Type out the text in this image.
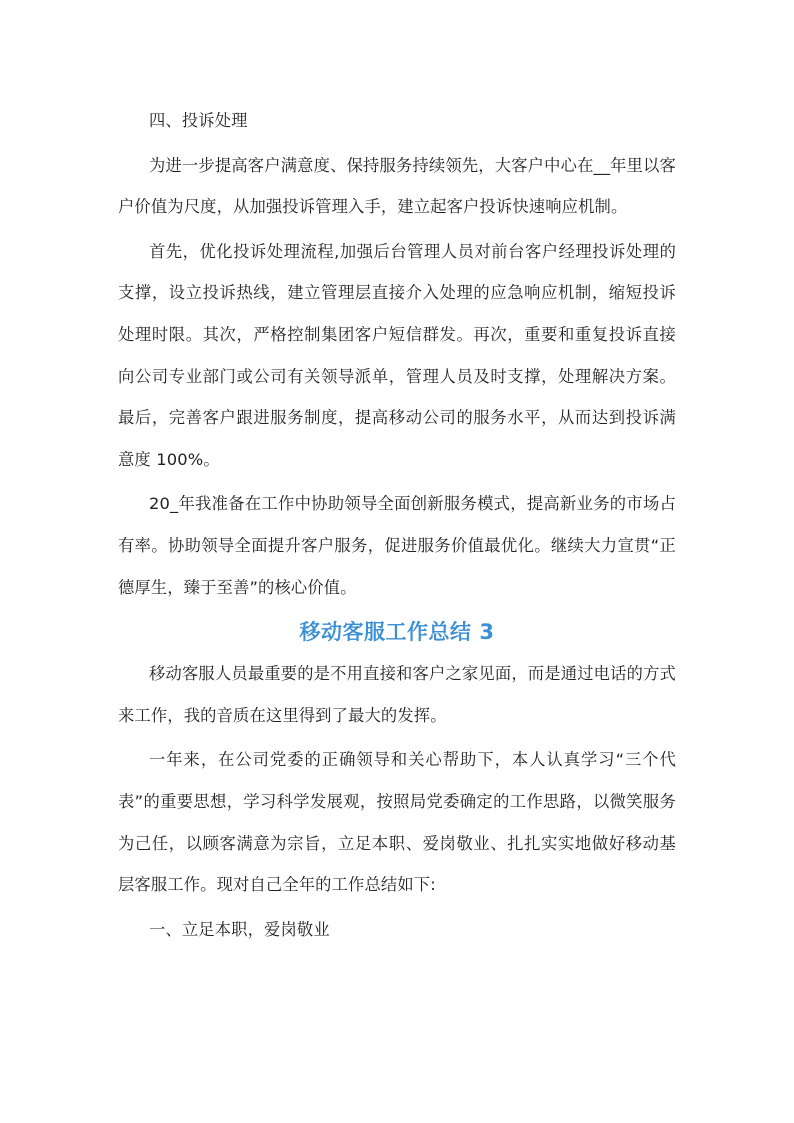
四、投诉处理

为进一步提高客户满意度、保持服务持续领先，大客户中心在__年里以客户价值为尺度，从加强投诉管理入手，建立起客户投诉快速响应机制。

首先，优化投诉处理流程,加强后台管理人员对前台客户经理投诉处理的支撑，设立投诉热线，建立管理层直接介入处理的应急响应机制，缩短投诉处理时限。其次，严格控制集团客户短信群发。再次，重要和重复投诉直接向公司专业部门或公司有关领导派单，管理人员及时支撑，处理解决方案。最后，完善客户跟进服务制度，提高移动公司的服务水平，从而达到投诉满意度 100%。

20_年我准备在工作中协助领导全面创新服务模式，提高新业务的市场占有率。协助领导全面提升客户服务，促进服务价值最优化。继续大力宣贯“正德厚生，臻于至善”的核心价值。

移动客服工作总结 3

移动客服人员最重要的是不用直接和客户之家见面，而是通过电话的方式来工作，我的音质在这里得到了最大的发挥。

一年来，在公司党委的正确领导和关心帮助下，本人认真学习“三个代表”的重要思想，学习科学发展观，按照局党委确定的工作思路，以微笑服务为己任，以顾客满意为宗旨，立足本职、爱岗敬业、扎扎实实地做好移动基层客服工作。现对自己全年的工作总结如下:

一、立足本职，爱岗敬业
